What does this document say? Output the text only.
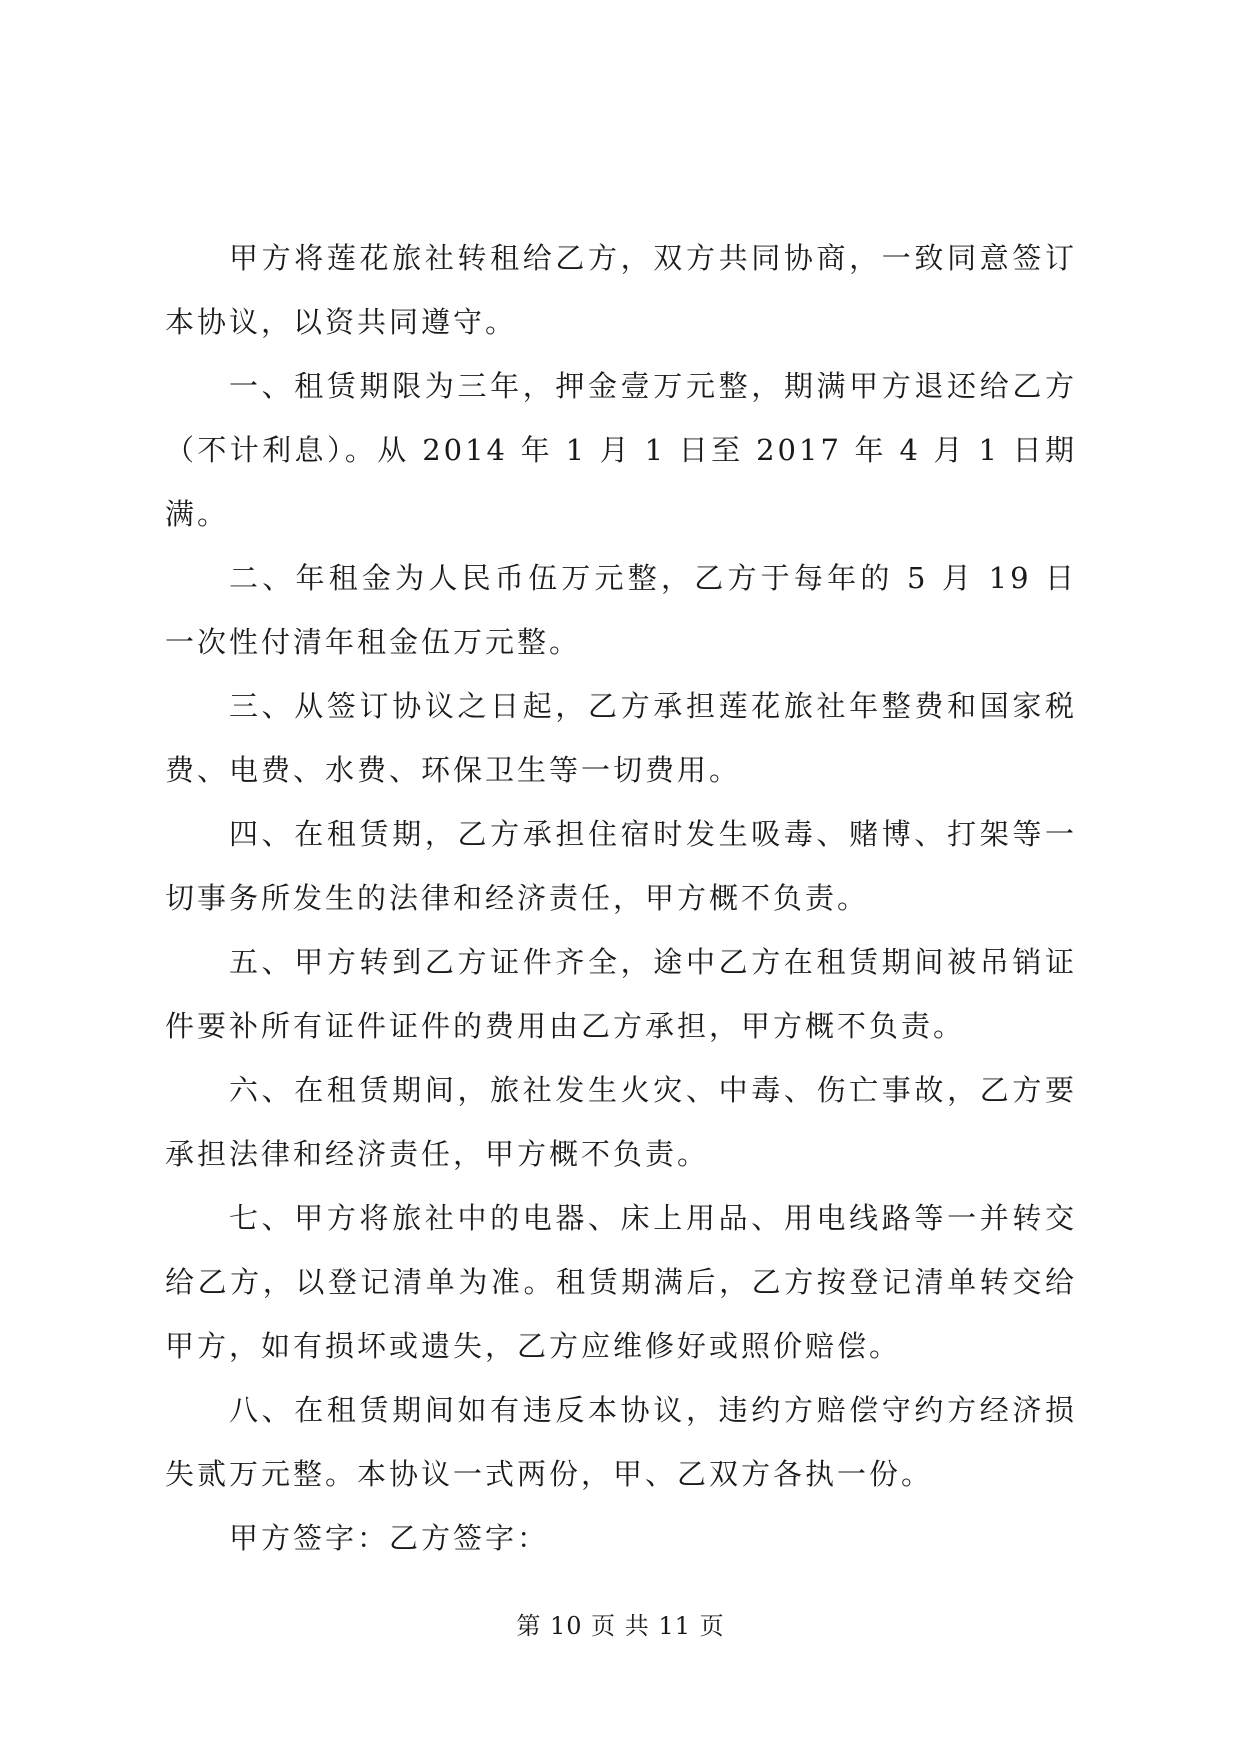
甲方将莲花旅社转租给乙方，双方共同协商，一致同意签订本协议，以资共同遵守。

一、租赁期限为三年，押金壹万元整，期满甲方退还给乙方（不计利息）。从 2014 年 1 月 1 日至 2017 年 4 月 1 日期满。

二、年租金为人民币伍万元整，乙方于每年的 5 月 19 日一次性付清年租金伍万元整。

三、从签订协议之日起，乙方承担莲花旅社年整费和国家税费、电费、水费、环保卫生等一切费用。

四、在租赁期，乙方承担住宿时发生吸毒、赌博、打架等一切事务所发生的法律和经济责任，甲方概不负责。

五、甲方转到乙方证件齐全，途中乙方在租赁期间被吊销证件要补所有证件证件的费用由乙方承担，甲方概不负责。

六、在租赁期间，旅社发生火灾、中毒、伤亡事故，乙方要承担法律和经济责任，甲方概不负责。

七、甲方将旅社中的电器、床上用品、用电线路等一并转交给乙方，以登记清单为准。租赁期满后，乙方按登记清单转交给甲方，如有损坏或遗失，乙方应维修好或照价赔偿。

八、在租赁期间如有违反本协议，违约方赔偿守约方经济损失贰万元整。本协议一式两份，甲、乙双方各执一份。

甲方签字：乙方签字：

第 10 页 共 11 页
